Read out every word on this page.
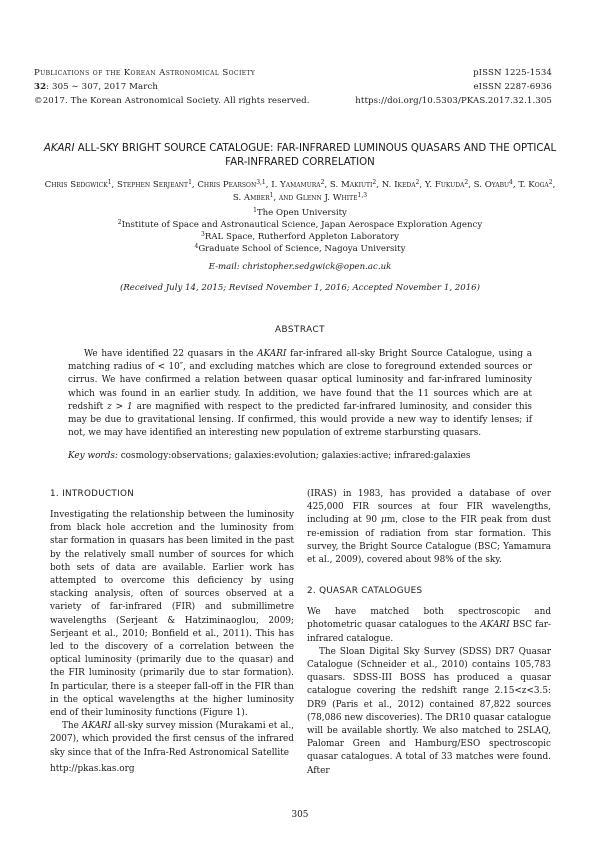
Publications of the Korean Astronomical Society
32: 305 ∼ 307, 2017 March
©2017. The Korean Astronomical Society. All rights reserved.
pISSN 1225-1534
eISSN 2287-6936
https://doi.org/10.5303/PKAS.2017.32.1.305
AKARI ALL-SKY BRIGHT SOURCE CATALOGUE: FAR-INFRARED LUMINOUS QUASARS AND THE OPTICAL
FAR-INFRARED CORRELATION
Chris Sedgwick$^1$, Stephen Serjeant$^1$, Chris Pearson$^{3,1}$, I. Yamamura$^2$, S. Makiuti$^2$, N. Ikeda$^2$, Y. Fukuda$^2$, S. Oyabu$^4$, T. Koga$^2$, S. Amber$^1$, and Glenn J. White$^{1,3}$
$^1$The Open University
$^2$Institute of Space and Astronautical Science, Japan Aerospace Exploration Agency
$^3$RAL Space, Rutherford Appleton Laboratory
$^4$Graduate School of Science, Nagoya University
E-mail: christopher.sedgwick@open.ac.uk
(Received July 14, 2015; Revised November 1, 2016; Accepted November 1, 2016)
ABSTRACT

We have identified 22 quasars in the AKARI far-infrared all-sky Bright Source Catalogue, using a matching radius of < 10″, and excluding matches which are close to foreground extended sources or cirrus. We have confirmed a relation between quasar optical luminosity and far-infrared luminosity which was found in an earlier study. In addition, we have found that the 11 sources which are at redshift z > 1 are magnified with respect to the predicted far-infrared luminosity, and consider this may be due to gravitational lensing. If confirmed, this would provide a new way to identify lenses; if not, we may have identified an interesting new population of extreme starbursting quasars.

Key words: cosmology:observations; galaxies:evolution; galaxies:active; infrared:galaxies
1. INTRODUCTION

Investigating the relationship between the luminosity from black hole accretion and the luminosity from star formation in quasars has been limited in the past by the relatively small number of sources for which both sets of data are available. Earlier work has attempted to overcome this deficiency by using stacking analysis, often of sources observed at a variety of far-infrared (FIR) and submillimetre wavelengths (Serjeant & Hatziminaoglou, 2009; Serjeant et al., 2010; Bonfield et al., 2011). This has led to the discovery of a correlation between the optical luminosity (primarily due to the quasar) and the FIR luminosity (primarily due to star formation). In particular, there is a steeper fall-off in the FIR than in the optical wavelengths at the higher luminosity end of their luminosity functions (Figure 1).

The AKARI all-sky survey mission (Murakami et al., 2007), which provided the first census of the infrared sky since that of the Infra-Red Astronomical Satellite

(IRAS) in 1983, has provided a database of over 425,000 FIR sources at four FIR wavelengths, including at 90 μm, close to the FIR peak from dust re-emission of radiation from star formation. This survey, the Bright Source Catalogue (BSC; Yamamura et al., 2009), covered about 98% of the sky.

2. QUASAR CATALOGUES

We have matched both spectroscopic and photometric quasar catalogues to the AKARI BSC far-infrared catalogue.

The Sloan Digital Sky Survey (SDSS) DR7 Quasar Catalogue (Schneider et al., 2010) contains 105,783 quasars. SDSS-III BOSS has produced a quasar catalogue covering the redshift range 2.15<z<3.5: DR9 (Paris et al., 2012) contained 87,822 sources (78,086 new discoveries). The DR10 quasar catalogue will be available shortly. We also matched to 2SLAQ, Palomar Green and Hamburg/ESO spectroscopic quasar catalogues. A total of 33 matches were found. After

http://pkas.kas.org
305
